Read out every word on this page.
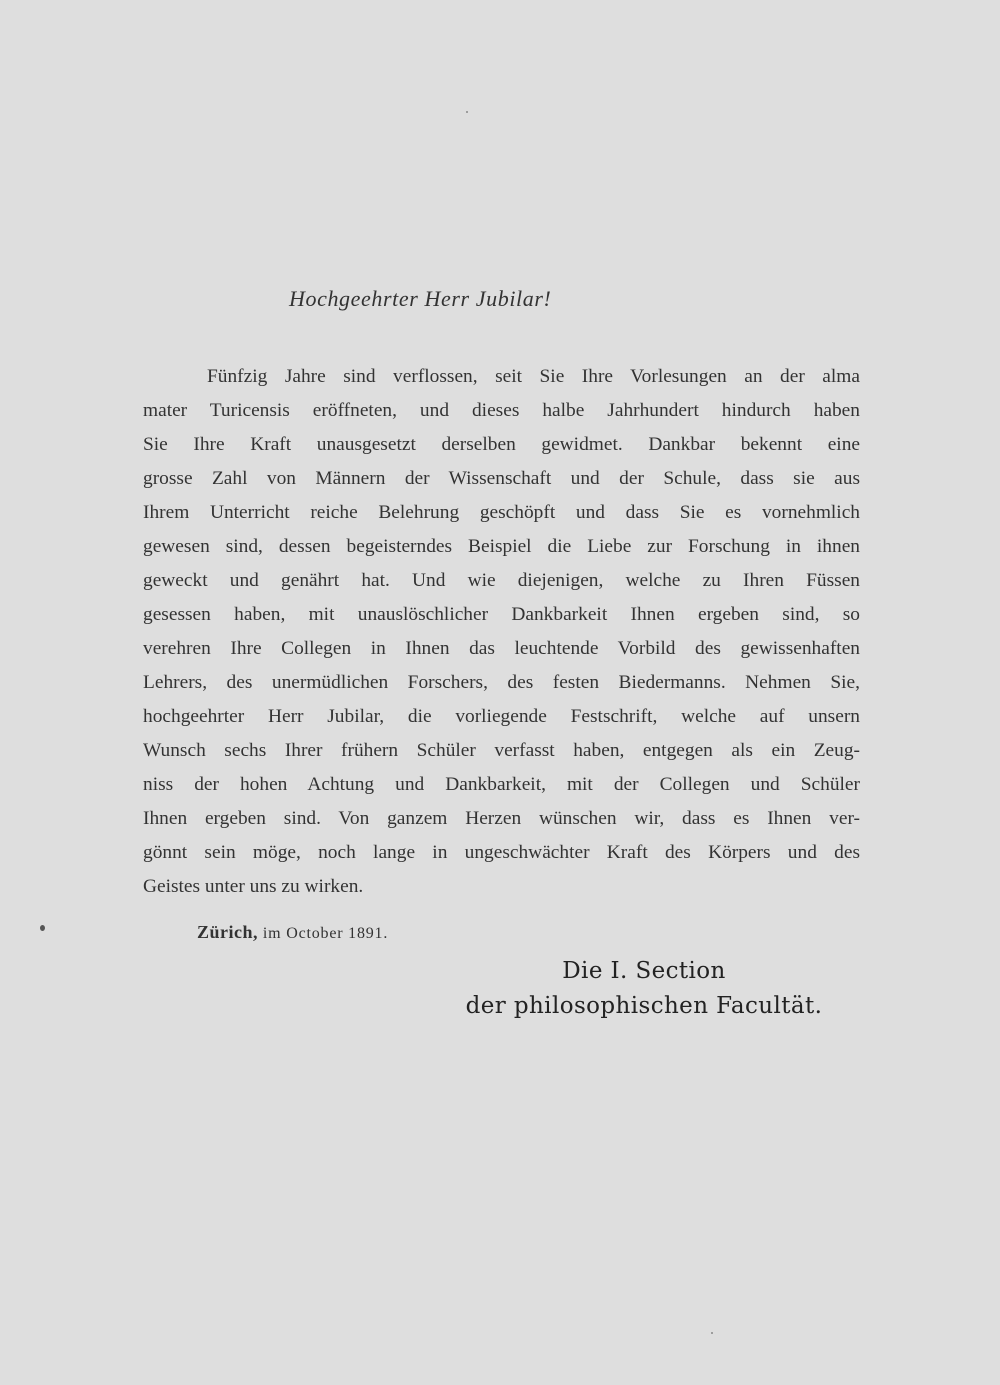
Hochgeehrter Herr Jubilar!
Fünfzig Jahre sind verflossen, seit Sie Ihre Vorlesungen an der alma
mater Turicensis eröffneten, und dieses halbe Jahrhundert hindurch haben
Sie Ihre Kraft unausgesetzt derselben gewidmet. Dankbar bekennt eine
grosse Zahl von Männern der Wissenschaft und der Schule, dass sie aus
Ihrem Unterricht reiche Belehrung geschöpft und dass Sie es vornehmlich
gewesen sind, dessen begeisterndes Beispiel die Liebe zur Forschung in ihnen
geweckt und genährt hat. Und wie diejenigen, welche zu Ihren Füssen
gesessen haben, mit unauslöschlicher Dankbarkeit Ihnen ergeben sind, so
verehren Ihre Collegen in Ihnen das leuchtende Vorbild des gewissenhaften
Lehrers, des unermüdlichen Forschers, des festen Biedermanns. Nehmen Sie,
hochgeehrter Herr Jubilar, die vorliegende Festschrift, welche auf unsern
Wunsch sechs Ihrer frühern Schüler verfasst haben, entgegen als ein Zeug-
niss der hohen Achtung und Dankbarkeit, mit der Collegen und Schüler
Ihnen ergeben sind. Von ganzem Herzen wünschen wir, dass es Ihnen ver-
gönnt sein möge, noch lange in ungeschwächter Kraft des Körpers und des
Geistes unter uns zu wirken.
Zürich, im October 1891.
Die I. Section
der philosophischen Facultät.
